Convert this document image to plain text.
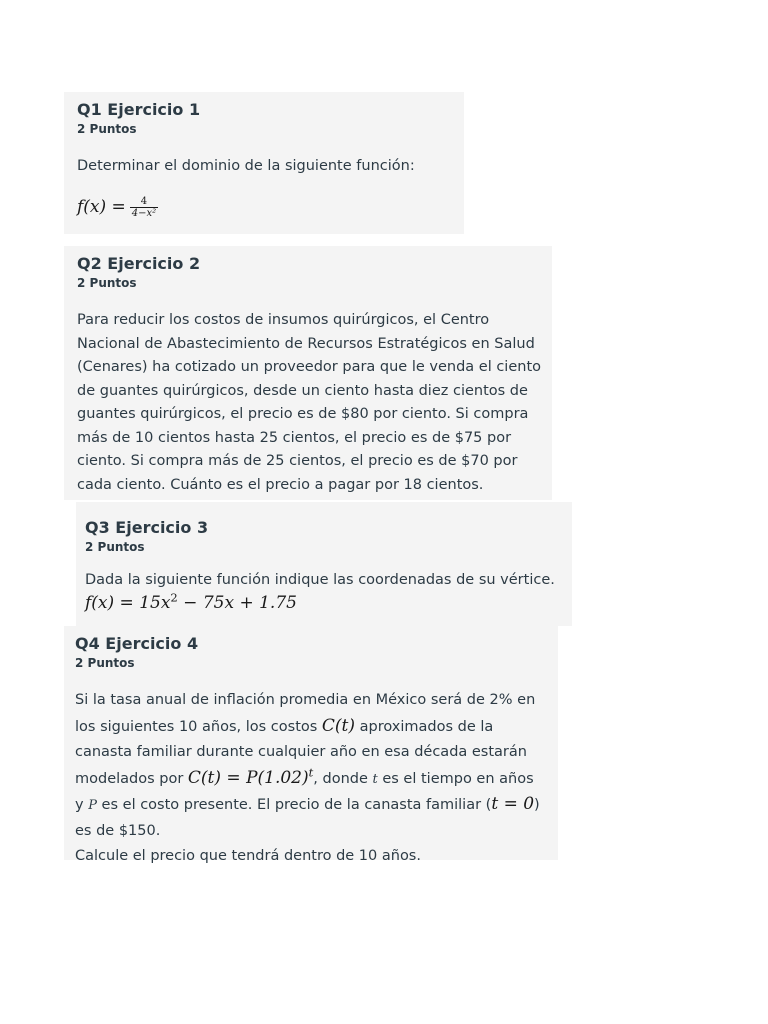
Q1 Ejercicio 1
2 Puntos
Determinar el dominio de la siguiente función:
$f(x) = \frac{4}{\text{4−x²}}$
Q2 Ejercicio 2
2 Puntos
Para reducir los costos de insumos quirúrgicos, el Centro Nacional de Abastecimiento de Recursos Estratégicos en Salud (Cenares) ha cotizado un proveedor para que le venda el ciento de guantes quirúrgicos, desde un ciento hasta diez cientos de guantes quirúrgicos, el precio es de $80 por ciento. Si compra más de 10 cientos hasta 25 cientos, el precio es de $75 por ciento. Si compra más de 25 cientos, el precio es de $70 por cada ciento. Cuánto es el precio a pagar por 18 cientos.
Q3 Ejercicio 3
2 Puntos
Dada la siguiente función indique las coordenadas de su vértice.
$f(x) = 15x^2 - 75x + 1.75$
Q4 Ejercicio 4
2 Puntos
Si la tasa anual de inflación promedia en México será de 2% en los siguientes 10 años, los costos C(t) aproximados de la canasta familiar durante cualquier año en esa década estarán modelados por $C(t) = P(1.02)^t$, donde t es el tiempo en años y P es el costo presente. El precio de la canasta familiar (t = 0) es de $150.
Calcule el precio que tendrá dentro de 10 años.
